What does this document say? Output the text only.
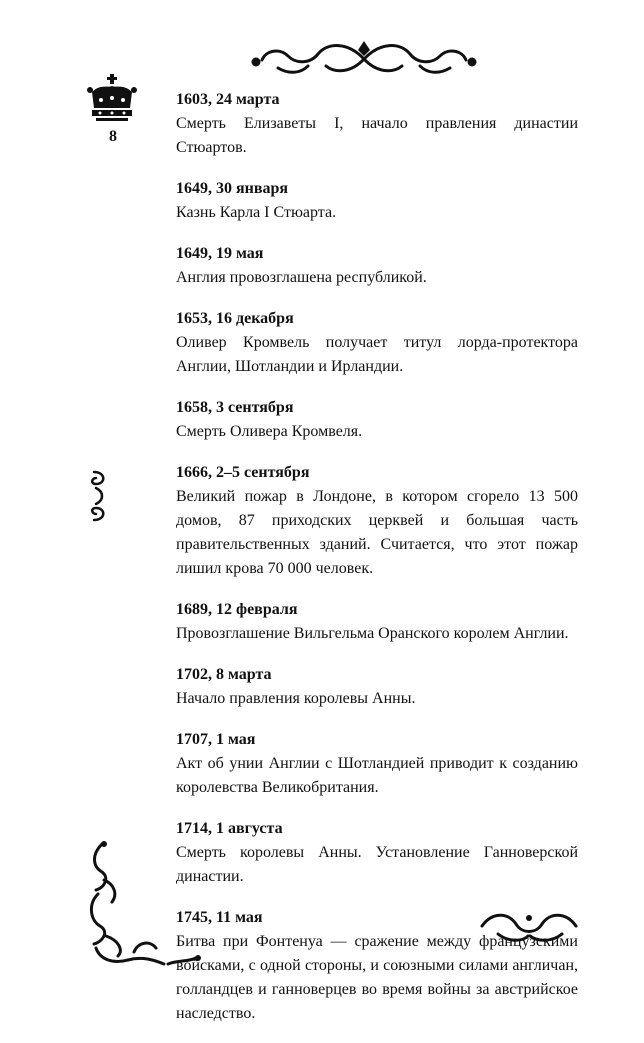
8
1603, 24 марта
Смерть Елизаветы I, начало правления династии Стюартов.
1649, 30 января
Казнь Карла I Стюарта.
1649, 19 мая
Англия провозглашена республикой.
1653, 16 декабря
Оливер Кромвель получает титул лорда-протектора Англии, Шотландии и Ирландии.
1658, 3 сентября
Смерть Оливера Кромвеля.
1666, 2–5 сентября
Великий пожар в Лондоне, в котором сгорело 13 500 домов, 87 приходских церквей и большая часть правительственных зданий. Считается, что этот пожар лишил крова 70 000 человек.
1689, 12 февраля
Провозглашение Вильгельма Оранского королем Англии.
1702, 8 марта
Начало правления королевы Анны.
1707, 1 мая
Акт об унии Англии с Шотландией приводит к созданию королевства Великобритания.
1714, 1 августа
Смерть королевы Анны. Установление Ганноверской династии.
1745, 11 мая
Битва при Фонтенуа — сражение между французскими войсками, с одной стороны, и союзными силами англичан, голландцев и ганноверцев во время войны за австрийское наследство.
